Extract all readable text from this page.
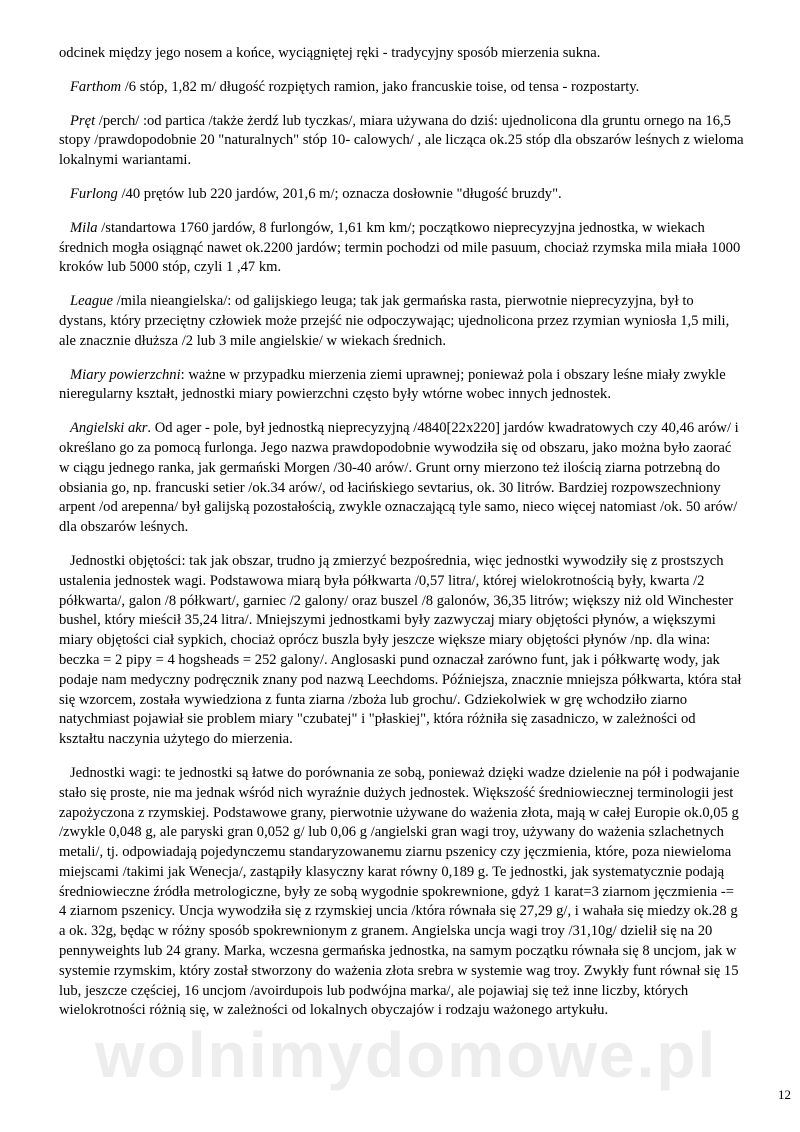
odcinek między jego nosem a końce, wyciągniętej ręki - tradycyjny sposób mierzenia sukna.

Farthom /6 stóp, 1,82 m/ długość rozpiętych ramion, jako francuskie toise, od tensa - rozpostarty.

Pręt /perch/ :od partica /także żerdź lub tyczkas/, miara używana do dziś: ujednolicona dla gruntu ornego na 16,5 stopy /prawdopodobnie 20 "naturalnych" stóp 10- calowych/ , ale licząca ok.25 stóp dla obszarów leśnych z wieloma lokalnymi wariantami.

Furlong /40 prętów lub 220 jardów, 201,6 m/; oznacza dosłownie "długość bruzdy".

Mila /standartowa 1760 jardów, 8 furlongów, 1,61 km km/; początkowo nieprecyzyjna jednostka, w wiekach średnich mogła osiągnąć nawet ok.2200 jardów; termin pochodzi od mile pasuum, chociaż rzymska mila miała 1000 kroków lub 5000 stóp, czyli 1 ,47 km.

League /mila nieangielska/: od galijskiego leuga; tak jak germańska rasta, pierwotnie nieprecyzyjna, był to dystans, który przeciętny człowiek może przejść nie odpoczywając; ujednolicona przez rzymian wyniosła 1,5 mili, ale znacznie dłuższa /2 lub 3 mile angielskie/ w wiekach średnich.

Miary powierzchni: ważne w przypadku mierzenia ziemi uprawnej; ponieważ pola i obszary leśne miały zwykle nieregularny kształt, jednostki miary powierzchni często były wtórne wobec innych jednostek.

Angielski akr. Od ager - pole, był jednostką nieprecyzyjną /4840[22x220] jardów kwadratowych czy 40,46 arów/ i określano go za pomocą furlonga. Jego nazwa prawdopodobnie wywodziła się od obszaru, jako można było zaorać w ciągu jednego ranka, jak germański Morgen /30-40 arów/. Grunt orny mierzono też ilością ziarna potrzebną do obsiania go, np. francuski setier /ok.34 arów/, od łacińskiego sevtarius, ok. 30 litrów. Bardziej rozpowszechniony arpent /od arepenna/ był galijską pozostałością, zwykle oznaczającą tyle samo, nieco więcej natomiast /ok. 50 arów/ dla obszarów leśnych.

Jednostki objętości: tak jak obszar, trudno ją zmierzyć bezpośrednia, więc jednostki wywodziły się z prostszych ustalenia jednostek wagi. Podstawowa miarą była półkwarta /0,57 litra/, której wielokrotnością były, kwarta /2 półkwarta/, galon /8 półkwart/, garniec /2 galony/ oraz buszel /8 galonów, 36,35 litrów; większy niż old Winchester bushel, który mieścił 35,24 litra/. Mniejszymi jednostkami były zazwyczaj miary objętości płynów, a większymi miary objętości ciał sypkich, chociaż oprócz buszla były jeszcze większe miary objętości płynów /np. dla wina: beczka = 2 pipy = 4 hogsheads = 252 galony/. Anglosaski pund oznaczał zarówno funt, jak i półkwartę wody, jak podaje nam medyczny podręcznik znany pod nazwą Leechdoms. Późniejsza, znacznie mniejsza półkwarta, która stał się wzorcem, została wywiedziona z funta ziarna /zboża lub grochu/. Gdziekolwiek w grę wchodziło ziarno natychmiast pojawiał sie problem miary "czubatej" i "płaskiej", która różniła się zasadniczo, w zależności od kształtu naczynia użytego do mierzenia.

Jednostki wagi: te jednostki są łatwe do porównania ze sobą, ponieważ dzięki wadze dzielenie na pół i podwajanie stało się proste, nie ma jednak wśród nich wyraźnie dużych jednostek. Większość średniowiecznej terminologii jest zapożyczona z rzymskiej. Podstawowe grany, pierwotnie używane do ważenia złota, mają w całej Europie ok.0,05 g /zwykle 0,048 g, ale paryski gran 0,052 g/ lub 0,06 g /angielski gran wagi troy, używany do ważenia szlachetnych metali/, tj. odpowiadają pojedynczemu standaryzowanemu ziarnu pszenicy czy jęczmienia, które, poza niewieloma miejscami /takimi jak Wenecja/, zastąpiły klasyczny karat równy 0,189 g. Te jednostki, jak systematycznie podają średniowieczne źródła metrologiczne, były ze sobą wygodnie spokrewnione, gdyż 1 karat=3 ziarnom jęczmienia -= 4 ziarnom pszenicy. Uncja wywodziła się z rzymskiej uncia /która równała się 27,29 g/, i wahała się miedzy ok.28 g a ok. 32g, będąc w różny sposób spokrewnionym z granem. Angielska uncja wagi troy /31,10g/ dzielił się na 20 pennyweights lub 24 grany. Marka, wczesna germańska jednostka, na samym początku równała się 8 uncjom, jak w systemie rzymskim, który został stworzony do ważenia złota srebra w systemie wag troy. Zwykły funt równał się 15 lub, jeszcze częściej, 16 uncjom /avoirdupois lub podwójna marka/, ale pojawiaj się też inne liczby, których wielokrotności różnią się, w zależności od lokalnych obyczajów i rodzaju ważonego artykułu.

wolnimydomowe.pl
12
